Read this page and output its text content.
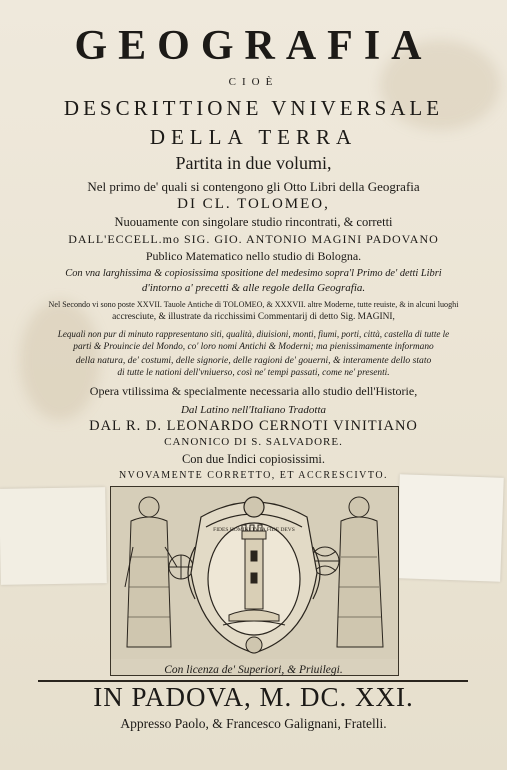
GEOGRAFIA
CIOÈ
DESCRITTIONE VNIVERSALE
DELLA TERRA
Partita in due volumi,
Nel primo de' quali si contengono gli Otto Libri della Geografia
DI CL. TOLOMEO,
Nuouamente con singolare studio rincontrati, & corretti
DALL'ECCELL.mo SIG. GIO. ANTONIO MAGINI PADOVANO
Publico Matematico nello studio di Bologna.
Con vna larghissima & copiosissima spositione del medesimo sopra'l Primo de' detti Libri
d'intorno a' precetti & alle regole della Geografia.
Nel Secondo vi sono poste XXVII. Tauole Antiche di TOLOMEO, & XXXVII. altre Moderne, tutte reuiste, & in alcuni luoghi
accresciute, & illustrate da ricchissimi Commentarij di detto Sig. MAGINI,
Lequali non pur di minuto rappresentano siti, qualità, diuisioni, monti, fiumi, porti, città, castella di tutte le
parti & Prouincie del Mondo, co' loro nomi Antichi & Moderni; ma pienissimamente informano
della natura, de' costumi, delle signorie, delle ragioni de' gouerni, & interamente dello stato
di tutte le nationi dell'vniuerso, così ne' tempi passati, come ne' presenti.
Opera vtilissima & specialmente necessaria allo studio dell'Historie,
Dal Latino nell'Italiano Tradotta
DAL R. D. LEONARDO CERNOTI VINITIANO
CANONICO DI S. SALVADORE.
Con due Indici copiosissimi.
NVOVAMENTE CORRETTO, ET ACCRESCIVTO.
FIDES HOMINI TVTA FIDE DEVS
Con licenza de' Superiori, & Priuilegi.
IN PADOVA, M. DC. XXI.
Appresso Paolo, & Francesco Galignani, Fratelli.
